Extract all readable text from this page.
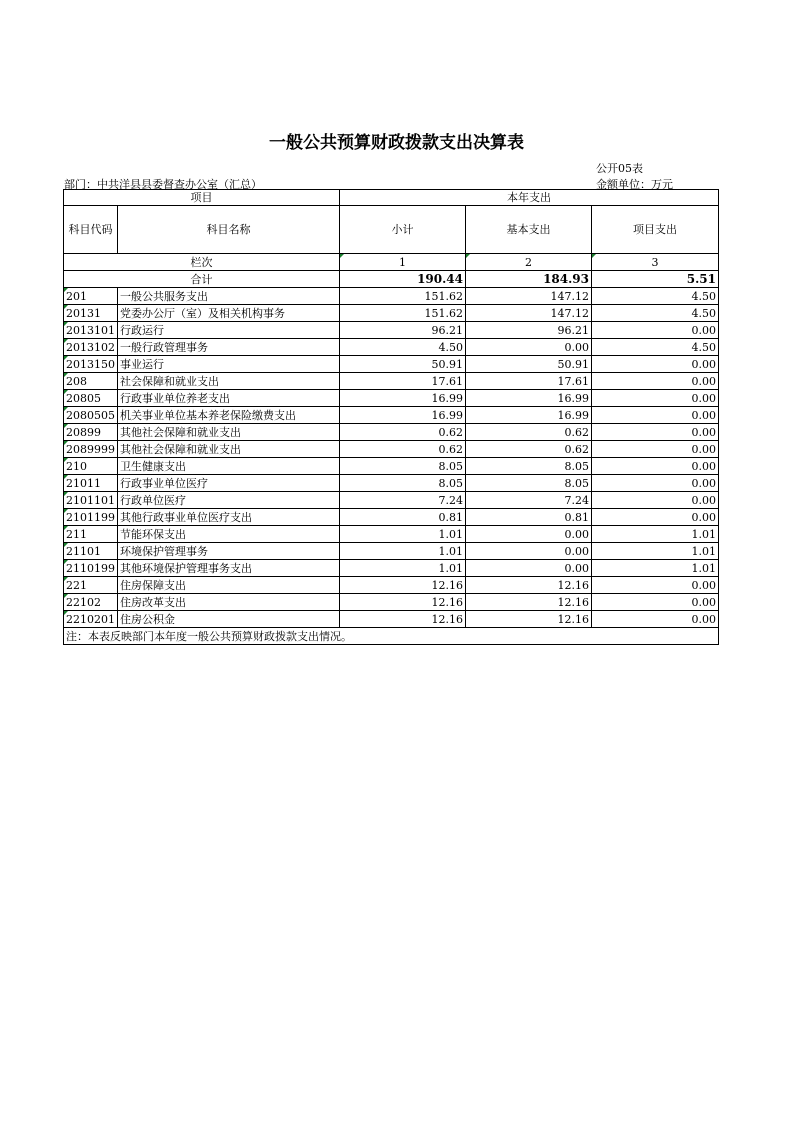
一般公共预算财政拨款支出决算表
公开05表
部门：中共洋县县委督查办公室（汇总）	金额单位：万元
项目		本年支出		
科目代码	科目名称	小计	基本支出	项目支出
栏次		1	2	3
合计		190.44	184.93	5.51
201	一般公共服务支出	151.62	147.12	4.50
20131	党委办公厅（室）及相关机构事务	151.62	147.12	4.50
2013101	行政运行	96.21	96.21	0.00
2013102	一般行政管理事务	4.50	0.00	4.50
2013150	事业运行	50.91	50.91	0.00
208	社会保障和就业支出	17.61	17.61	0.00
20805	行政事业单位养老支出	16.99	16.99	0.00
2080505	机关事业单位基本养老保险缴费支出	16.99	16.99	0.00
20899	其他社会保障和就业支出	0.62	0.62	0.00
2089999	其他社会保障和就业支出	0.62	0.62	0.00
210	卫生健康支出	8.05	8.05	0.00
21011	行政事业单位医疗	8.05	8.05	0.00
2101101	行政单位医疗	7.24	7.24	0.00
2101199	其他行政事业单位医疗支出	0.81	0.81	0.00
211	节能环保支出	1.01	0.00	1.01
21101	环境保护管理事务	1.01	0.00	1.01
2110199	其他环境保护管理事务支出	1.01	0.00	1.01
221	住房保障支出	12.16	12.16	0.00
22102	住房改革支出	12.16	12.16	0.00
2210201	住房公积金	12.16	12.16	0.00
注：本表反映部门本年度一般公共预算财政拨款支出情况。				
